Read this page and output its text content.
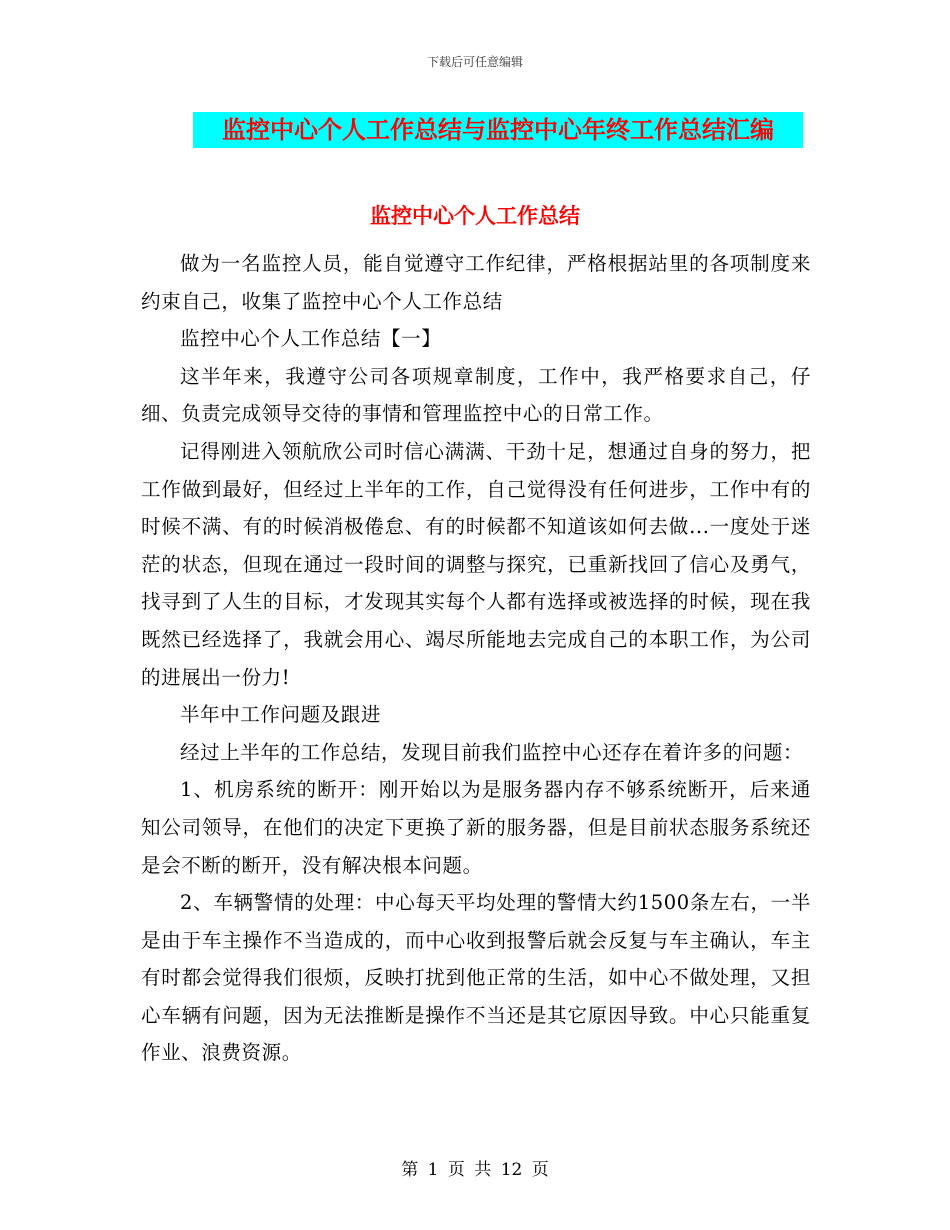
下载后可任意编辑
监控中心个人工作总结与监控中心年终工作总结汇编
监控中心个人工作总结

做为一名监控人员，能自觉遵守工作纪律，严格根据站里的各项制度来约束自己，收集了监控中心个人工作总结

监控中心个人工作总结【一】

这半年来，我遵守公司各项规章制度，工作中，我严格要求自己，仔细、负责完成领导交待的事情和管理监控中心的日常工作。

记得刚进入领航欣公司时信心满满、干劲十足，想通过自身的努力，把工作做到最好，但经过上半年的工作，自己觉得没有任何进步，工作中有的时候不满、有的时候消极倦怠、有的时候都不知道该如何去做...一度处于迷茫的状态，但现在通过一段时间的调整与探究，已重新找回了信心及勇气，找寻到了人生的目标，才发现其实每个人都有选择或被选择的时候，现在我既然已经选择了，我就会用心、竭尽所能地去完成自己的本职工作，为公司的进展出一份力!

半年中工作问题及跟进

经过上半年的工作总结，发现目前我们监控中心还存在着许多的问题：

1、机房系统的断开：刚开始以为是服务器内存不够系统断开，后来通知公司领导，在他们的决定下更换了新的服务器，但是目前状态服务系统还是会不断的断开，没有解决根本问题。

2、车辆警情的处理：中心每天平均处理的警情大约1500条左右，一半是由于车主操作不当造成的，而中心收到报警后就会反复与车主确认，车主有时都会觉得我们很烦，反映打扰到他正常的生活，如中心不做处理，又担心车辆有问题，因为无法推断是操作不当还是其它原因导致。中心只能重复作业、浪费资源。

第 1 页 共 12 页
